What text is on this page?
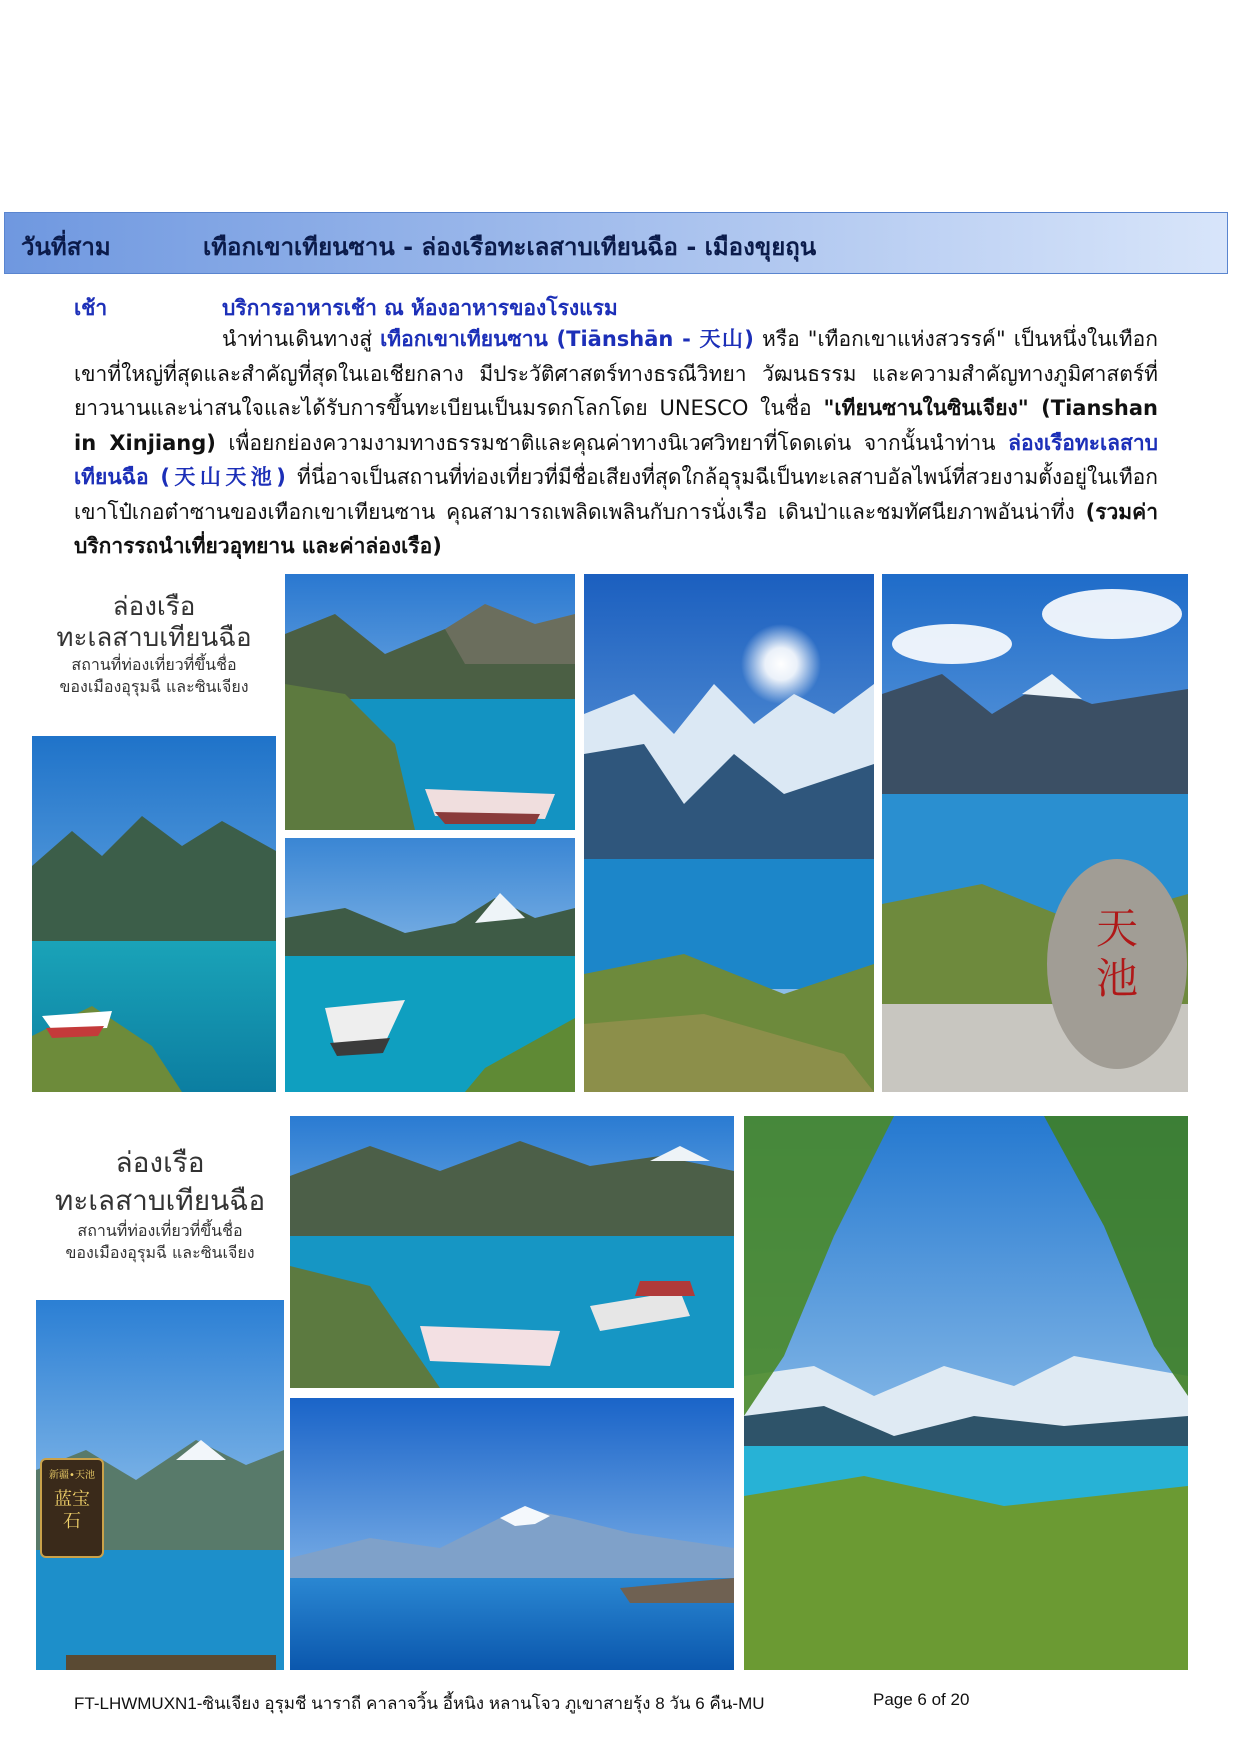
วันที่สาม	เทือกเขาเทียนซาน - ล่องเรือทะเลสาบเทียนฉือ - เมืองขุยถุน
เช้า	บริการอาหารเช้า ณ ห้องอาหารของโรงแรม
นำท่านเดินทางสู่ เทือกเขาเทียนซาน (Tiānshān - 天山) หรือ "เทือกเขาแห่งสวรรค์" เป็นหนึ่งในเทือกเขาที่ใหญ่ที่สุดและสำคัญที่สุดในเอเชียกลาง มีประวัติศาสตร์ทางธรณีวิทยา วัฒนธรรม และความสำคัญทางภูมิศาสตร์ที่ยาวนานและน่าสนใจและได้รับการขึ้นทะเบียนเป็นมรดกโลกโดย UNESCO ในชื่อ "เทียนซานในซินเจียง" (Tianshan in Xinjiang) เพื่อยกย่องความงามทางธรรมชาติและคุณค่าทางนิเวศวิทยาที่โดดเด่น จากนั้นนำท่าน ล่องเรือทะเลสาบเทียนฉือ (天山天池) ที่นี่อาจเป็นสถานที่ท่องเที่ยวที่มีชื่อเสียงที่สุดใกล้อุรุมฉีเป็นทะเลสาบอัลไพน์ที่สวยงามตั้งอยู่ในเทือกเขาโป๋เกอต๋าซานของเทือกเขาเทียนซาน คุณสามารถเพลิดเพลินกับการนั่งเรือ เดินป่าและชมทัศนียภาพอันน่าทึ่ง (รวมค่าบริการรถนำเที่ยวอุทยาน และค่าล่องเรือ)
ล่องเรือ
ทะเลสาบเทียนฉือ
สถานที่ท่องเที่ยวที่ขึ้นชื่อ
ของเมืองอุรุมฉี และซินเจียง
天池
ล่องเรือ
ทะเลสาบเทียนฉือ
สถานที่ท่องเที่ยวที่ขึ้นชื่อ
ของเมืองอุรุมฉี และซินเจียง
新疆•天池
蓝宝石
FT-LHWMUXN1-ซินเจียง อุรุมชี นาราถี คาลาจวิ้น อี้หนิง หลานโจว ภูเขาสายรุ้ง 8 วัน 6 คืน-MU	Page 6 of 20
